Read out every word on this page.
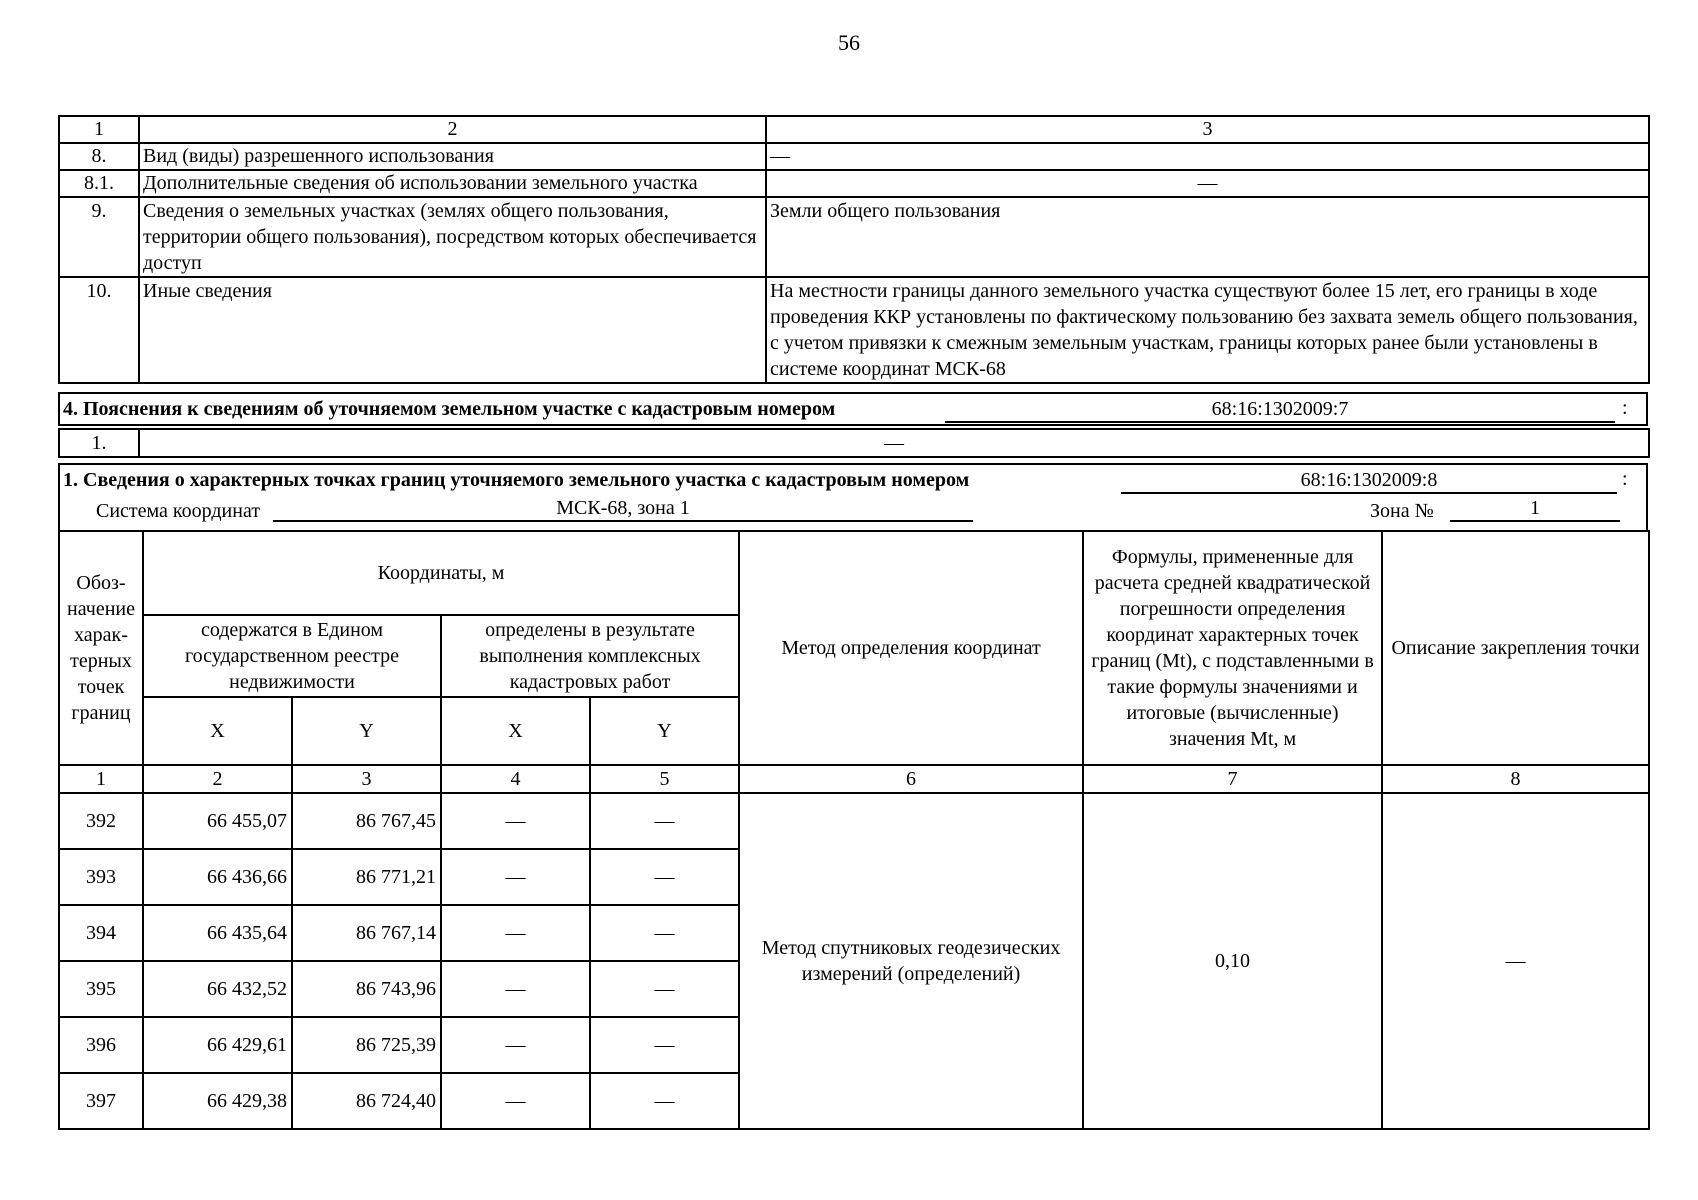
56
1	2	3
8.	Вид (виды) разрешенного использования	—
8.1.	Дополнительные сведения об использовании земельного участка	—
9.	Сведения о земельных участках (землях общего пользования, территории общего пользования), посредством которых обеспечивается доступ	Земли общего пользования
10.	Иные сведения	На местности границы данного земельного участка существуют более 15 лет, его границы в ходе проведения ККР установлены по фактическому пользованию без захвата земель общего пользования, с учетом привязки к смежным земельным участкам, границы которых ранее были установлены в системе координат МСК-68
4. Пояснения к сведениям об уточняемом земельном участке с кадастровым номером	68:16:1302009:7	:
1.	—
1. Сведения о характерных точках границ уточняемого земельного участка с кадастровым номером	68:16:1302009:8	:
Система координат	МСК-68, зона 1	Зона №	1
Обоз-начение харак-терных точек границ	Координаты, м				Метод определения координат	Формулы, примененные для расчета средней квадратической погрешности определения координат характерных точек границ (Mt), с подставленными в такие формулы значениями и итоговые (вычисленные) значения Mt, м	Описание закрепления точки
	содержатся в Едином государственном реестре недвижимости		определены в результате выполнения комплексных кадастровых работ				
	X	Y	X	Y			
1	2	3	4	5	6	7	8
392	66 455,07	86 767,45	—	—	Метод спутниковых геодезических измерений (определений)	0,10	—
393	66 436,66	86 771,21	—	—			
394	66 435,64	86 767,14	—	—			
395	66 432,52	86 743,96	—	—			
396	66 429,61	86 725,39	—	—			
397	66 429,38	86 724,40	—	—			
